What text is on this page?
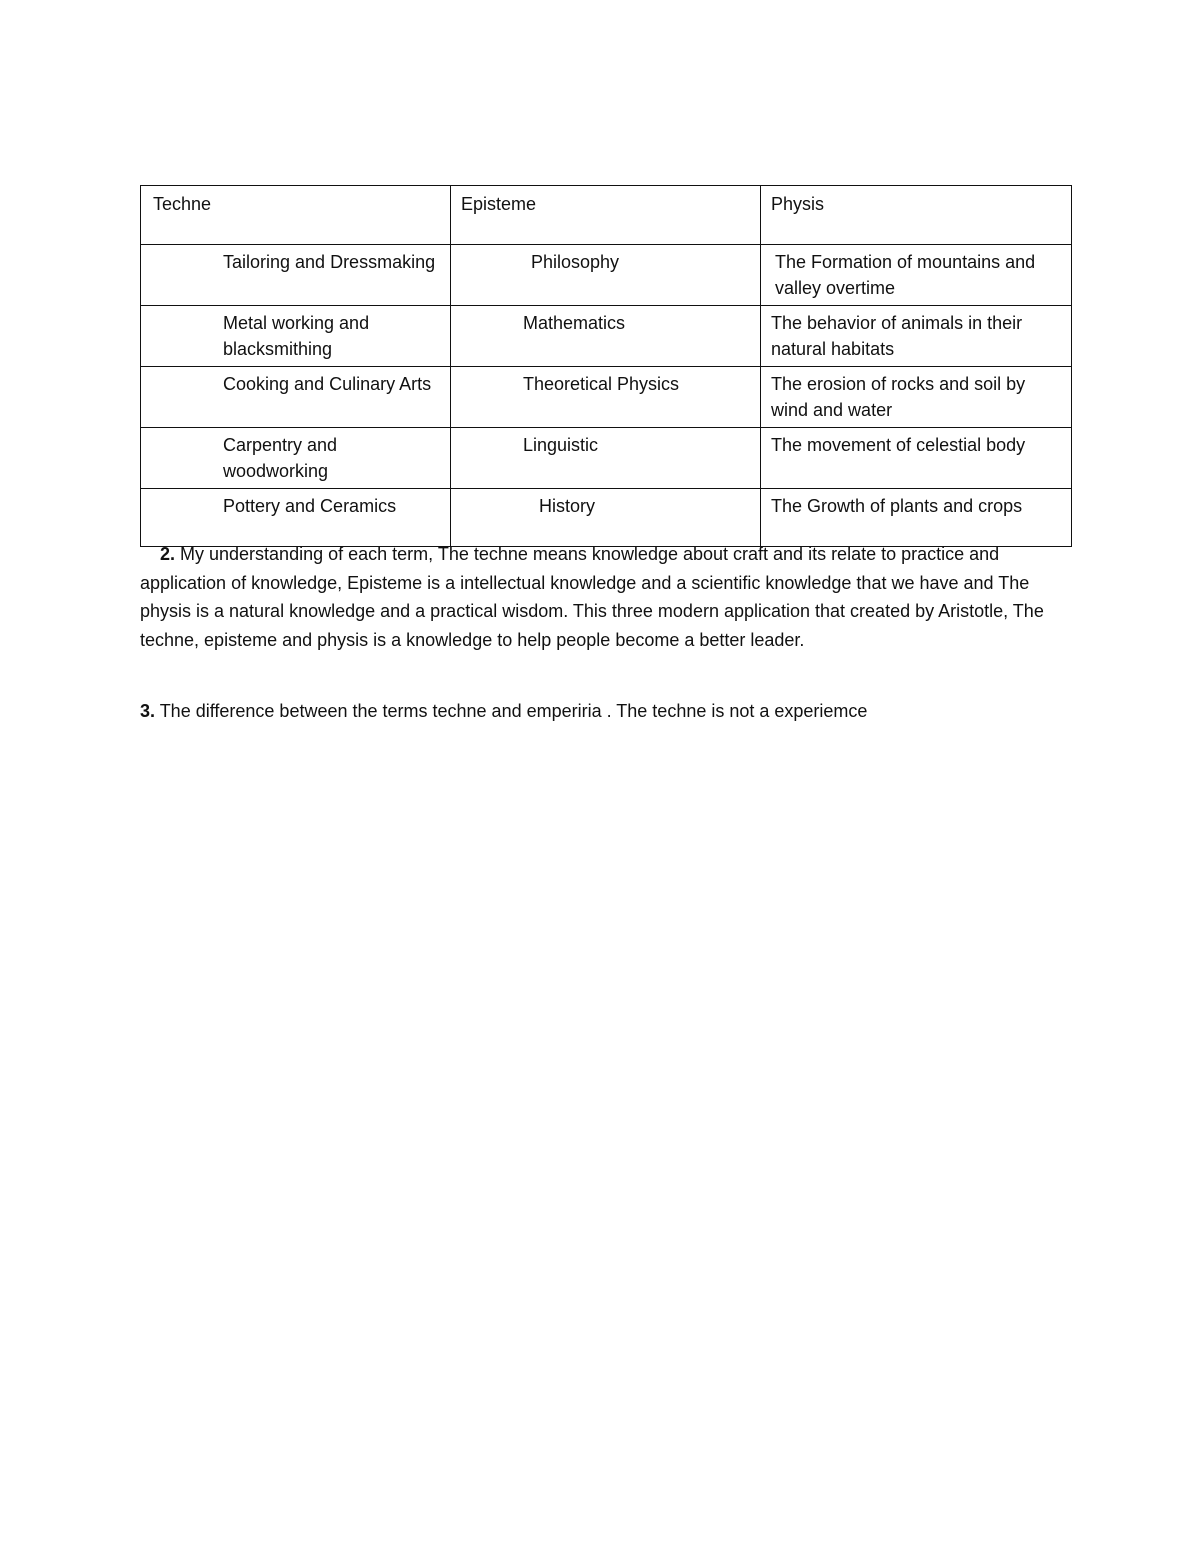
Techne	Episteme	Physis
Tailoring and Dressmaking	Philosophy	The Formation of mountains and valley overtime
Metal working and blacksmithing	Mathematics	The behavior of animals in their natural habitats
Cooking and Culinary Arts	Theoretical Physics	The erosion of rocks and soil by wind and water
Carpentry and woodworking	Linguistic	The movement of celestial body
Pottery and Ceramics	History	The Growth of plants and crops

2. My understanding of each term, The techne means knowledge about craft and its relate to practice and application of knowledge, Episteme is a intellectual knowledge and a scientific knowledge that we have and The physis is a natural knowledge and a practical wisdom. This three modern application that created by Aristotle, The techne, episteme and physis is a knowledge to help people become a better leader.

3. The difference between the terms techne and emperiria . The techne is not a experiemce
